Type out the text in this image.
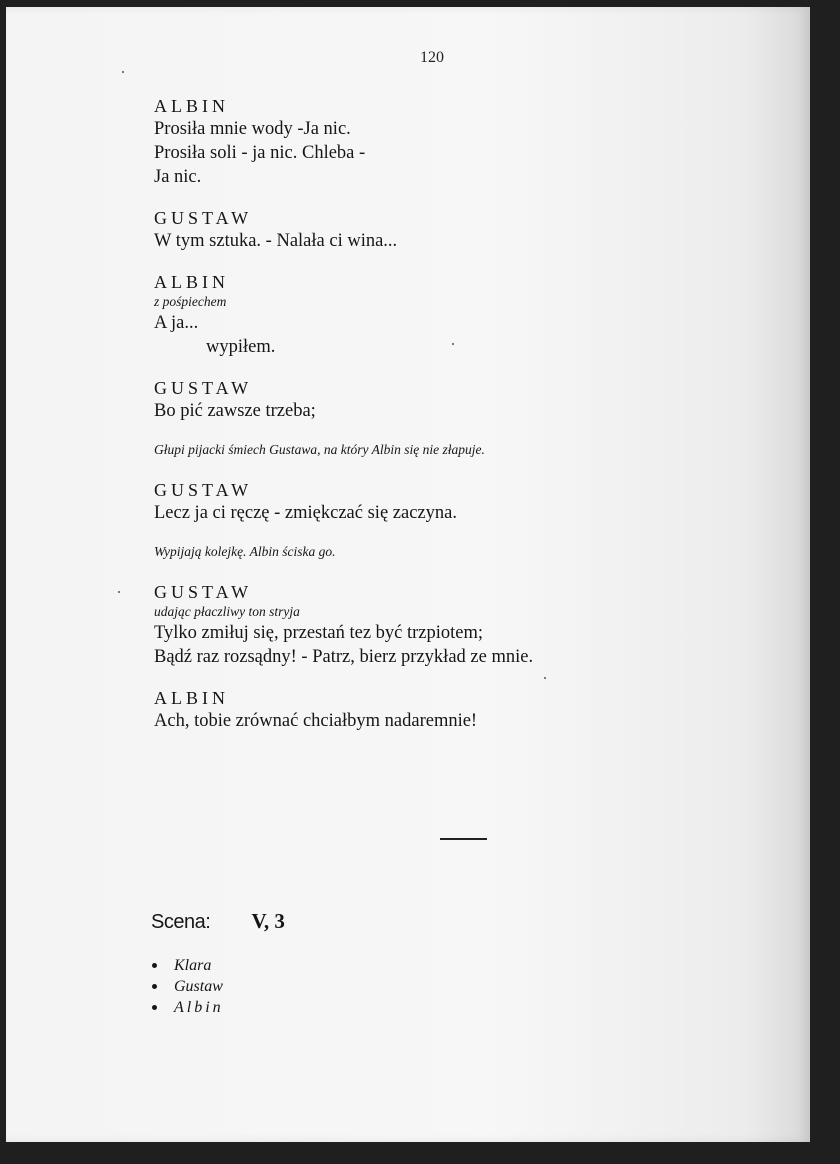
120
ALBIN
Prosiła mnie wody -Ja nic.
Prosiła soli - ja nic. Chleba -
Ja nic.
GUSTAW
W tym sztuka. - Nalała ci wina...
ALBIN
z pośpiechem
A ja...
wypiłem.
GUSTAW
Bo pić zawsze trzeba;
Głupi pijacki śmiech Gustawa, na który Albin się nie złapuje.
GUSTAW
Lecz ja ci ręczę - zmiękczać się zaczyna.
Wypijają kolejkę. Albin ściska go.
GUSTAW
udając płaczliwy ton stryja
Tylko zmiłuj się, przestań tez być trzpiotem;
Bądź raz rozsądny! - Patrz, bierz przykład ze mnie.
ALBIN
Ach, tobie zrównać chciałbym nadaremnie!
Scena: V, 3
Klara
Gustaw
Albin
